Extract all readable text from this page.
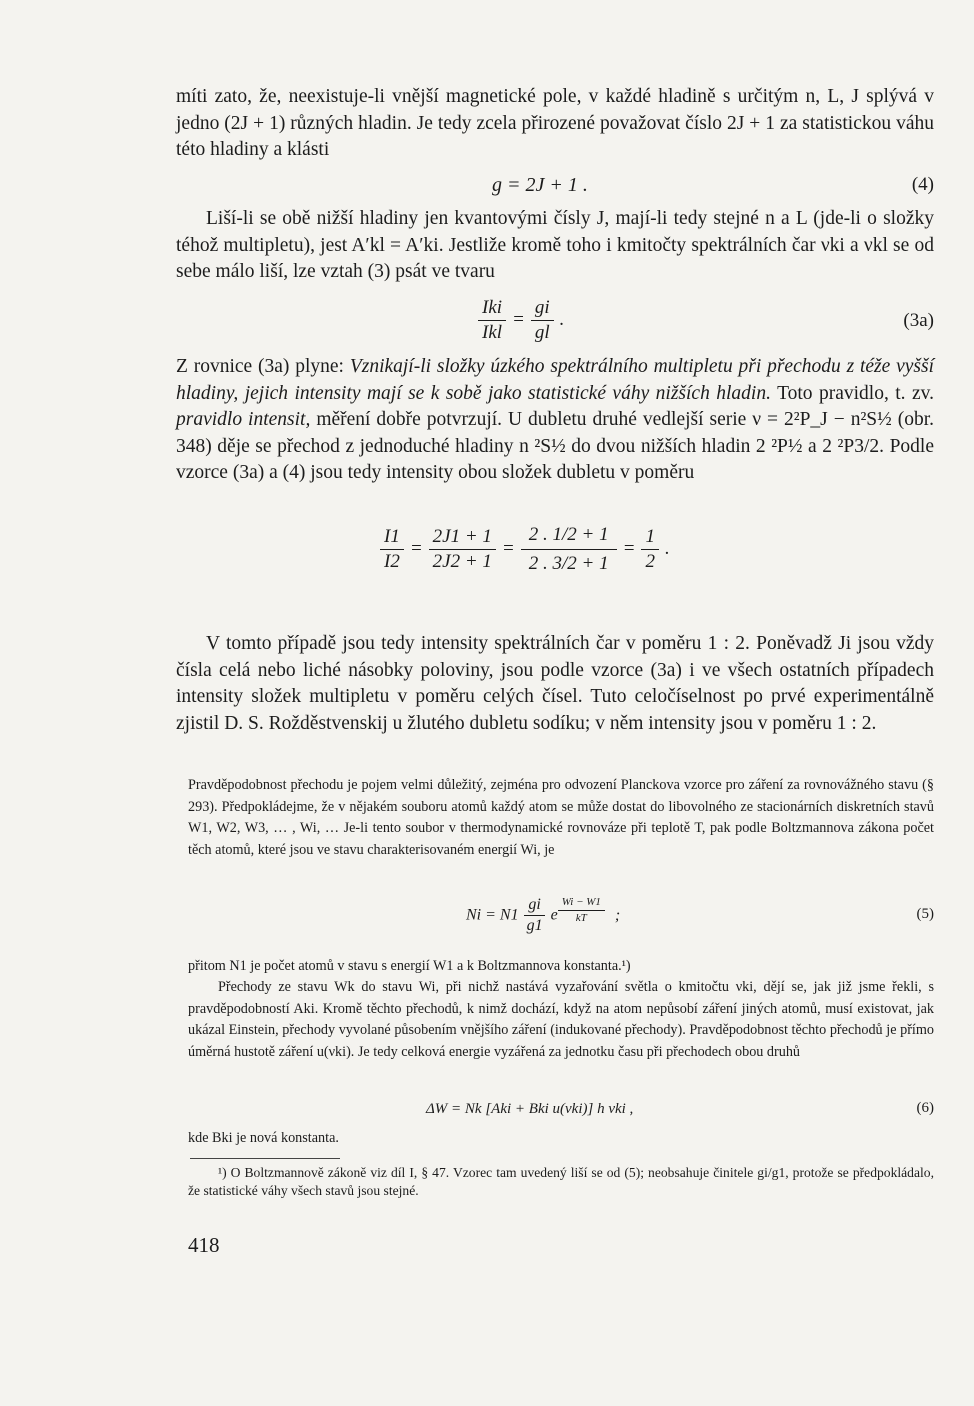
míti zato, že, neexistuje-li vnější magnetické pole, v každé hladině s určitým n, L, J splývá v jedno (2J + 1) různých hladin. Je tedy zcela přirozené považovat číslo 2J + 1 za statistickou váhu této hladiny a klásti

g = 2J + 1 .	(4)

Liší-li se obě nižší hladiny jen kvantovými čísly J, mají-li tedy stejné n a L (jde-li o složky téhož multipletu), jest A′kl = A′ki. Jestliže kromě toho i kmitočty spektrálních čar νki a νkl se od sebe málo liší, lze vztah (3) psát ve tvaru

$\frac{\text{Iki}}{\text{Ikl}} = \frac{gi}{gl}$ .	(3a)

Z rovnice (3a) plyne: Vznikají-li složky úzkého spektrálního multipletu při přechodu z téže vyšší hladiny, jejich intensity mají se k sobě jako statistické váhy nižších hladin. Toto pravidlo, t. zv. pravidlo intensit, měření dobře potvrzují. U dubletu druhé vedlejší serie ν = 2²P_J − n²S½ (obr. 348) děje se přechod z jednoduché hladiny n ²S½ do dvou nižších hladin 2 ²P½ a 2 ²P3/2. Podle vzorce (3a) a (4) jsou tedy intensity obou složek dubletu v poměru

$\frac{I1}{I2} = \frac{2J1 + 1}{2J2 + 1} = \frac{2 . 1/2 + 1}{2 . 3/2 + 1} = \frac{1}{2}$ .

V tomto případě jsou tedy intensity spektrálních čar v poměru 1 : 2. Poněvadž Ji jsou vždy čísla celá nebo liché násobky poloviny, jsou podle vzorce (3a) i ve všech ostatních případech intensity složek multipletu v poměru celých čísel. Tuto celočíselnost po prvé experimentálně zjistil D. S. Rožděstvenskij u žlutého dubletu sodíku; v něm intensity jsou v poměru 1 : 2.

Pravděpodobnost přechodu je pojem velmi důležitý, zejména pro odvození Planckova vzorce pro záření za rovnovážného stavu (§ 293). Předpokládejme, že v nějakém souboru atomů každý atom se může dostat do libovolného ze stacionárních diskretních stavů W1, W2, W3, … , Wi, … Je-li tento soubor v thermodynamické rovnováze při teplotě T, pak podle Boltzmannova zákona počet těch atomů, které jsou ve stavu charakterisovaném energií Wi, je

$Ni = N1 \frac{gi}{g1}$ e $\frac{Wi - W1}{kT}$ ;	(5)

přitom N1 je počet atomů v stavu s energií W1 a k Boltzmannova konstanta.¹)

Přechody ze stavu Wk do stavu Wi, při nichž nastává vyzařování světla o kmitočtu νki, dějí se, jak již jsme řekli, s pravděpodobností Aki. Kromě těchto přechodů, k nimž dochází, když na atom nepůsobí záření jiných atomů, musí existovat, jak ukázal Einstein, přechody vyvolané působením vnějšího záření (indukované přechody). Pravděpodobnost těchto přechodů je přímo úměrná hustotě záření u(νki). Je tedy celková energie vyzářená za jednotku času při přechodech obou druhů

ΔW = Nk [Aki + Bki u(νki)] h νki ,	(6)

kde Bki je nová konstanta.

¹) O Boltzmannově zákoně viz díl I, § 47. Vzorec tam uvedený liší se od (5); neobsahuje činitele gi/g1, protože se předpokládalo, že statistické váhy všech stavů jsou stejné.

418
